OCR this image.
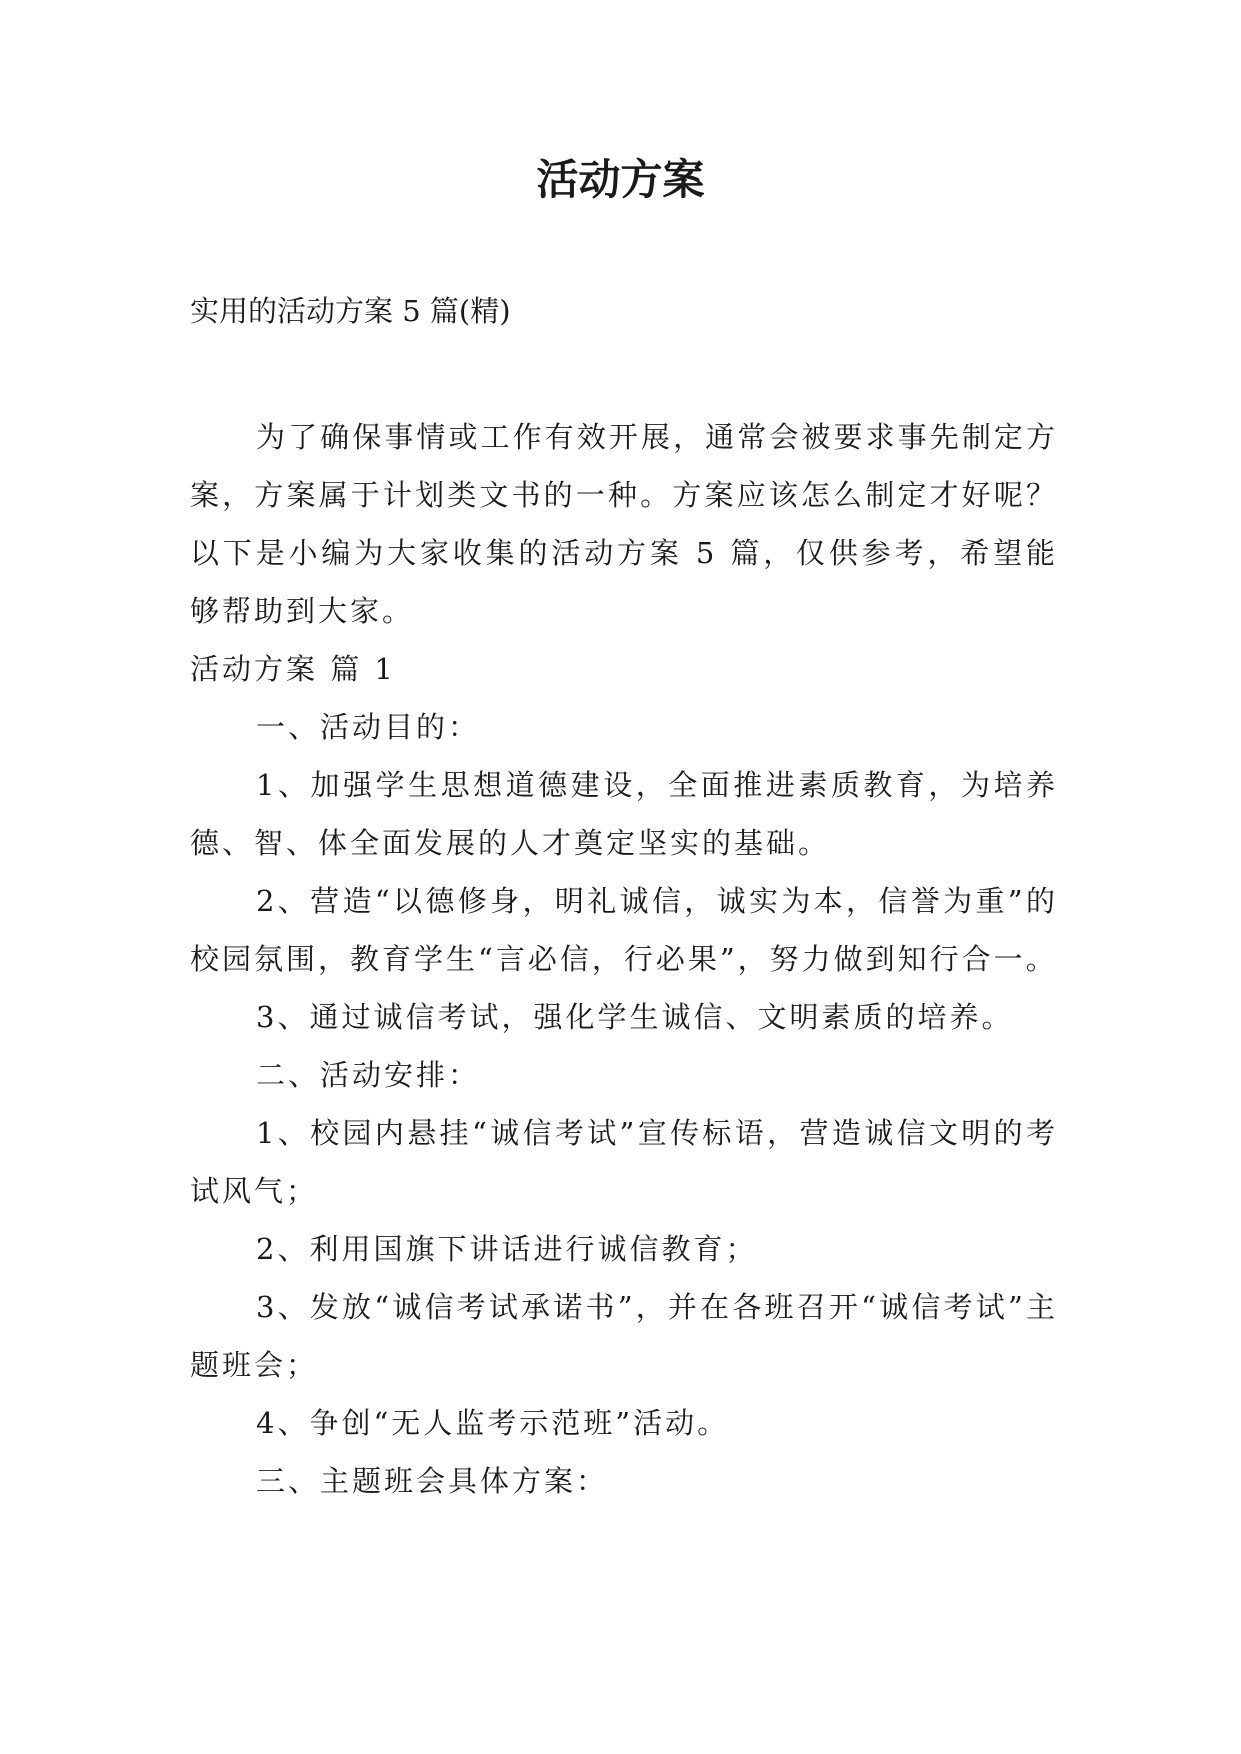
活动方案

实用的活动方案 5 篇(精)

为了确保事情或工作有效开展，通常会被要求事先制定方案，方案属于计划类文书的一种。方案应该怎么制定才好呢？以下是小编为大家收集的活动方案 5 篇，仅供参考，希望能够帮助到大家。

活动方案 篇 1

一、活动目的：

1、加强学生思想道德建设，全面推进素质教育，为培养德、智、体全面发展的人才奠定坚实的基础。

2、营造“以德修身，明礼诚信，诚实为本，信誉为重”的校园氛围，教育学生“言必信，行必果”，努力做到知行合一。

3、通过诚信考试，强化学生诚信、文明素质的培养。

二、活动安排：

1、校园内悬挂“诚信考试”宣传标语，营造诚信文明的考试风气；

2、利用国旗下讲话进行诚信教育；

3、发放“诚信考试承诺书”，并在各班召开“诚信考试”主题班会；

4、争创“无人监考示范班”活动。

三、主题班会具体方案：
